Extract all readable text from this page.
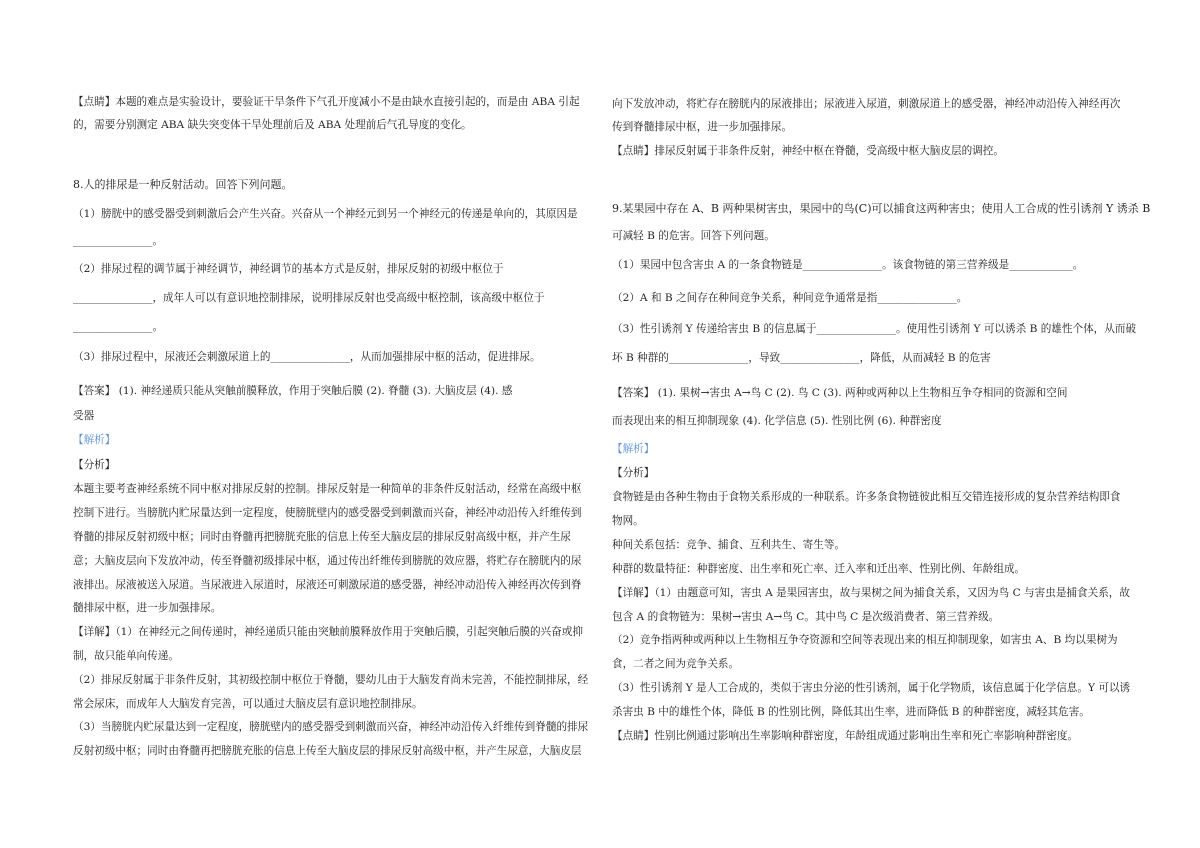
【点睛】本题的难点是实验设计，要验证干旱条件下气孔开度减小不是由缺水直接引起的，而是由 ABA 引起
的，需要分别测定 ABA 缺失突变体干旱处理前后及 ABA 处理前后气孔导度的变化。
8.人的排尿是一种反射活动。回答下列问题。
（1）膀胱中的感受器受到刺激后会产生兴奋。兴奋从一个神经元到另一个神经元的传递是单向的，其原因是
_______________。
（2）排尿过程的调节属于神经调节，神经调节的基本方式是反射，排尿反射的初级中枢位于
_______________，成年人可以有意识地控制排尿，说明排尿反射也受高级中枢控制，该高级中枢位于
_______________。
（3）排尿过程中，尿液还会刺激尿道上的_______________，从而加强排尿中枢的活动，促进排尿。
【答案】 (1). 神经递质只能从突触前膜释放，作用于突触后膜 (2). 脊髓 (3). 大脑皮层 (4). 感
受器
【解析】
【分析】
本题主要考查神经系统不同中枢对排尿反射的控制。排尿反射是一种简单的非条件反射活动，经常在高级中枢
控制下进行。当膀胱内贮尿量达到一定程度，使膀胱壁内的感受器受到刺激而兴奋，神经冲动沿传入纤维传到
脊髓的排尿反射初级中枢；同时由脊髓再把膀胱充胀的信息上传至大脑皮层的排尿反射高级中枢，并产生尿
意；大脑皮层向下发放冲动，传至脊髓初级排尿中枢，通过传出纤维传到膀胱的效应器，将贮存在膀胱内的尿
液排出。尿液被送入尿道。当尿液进入尿道时，尿液还可刺激尿道的感受器，神经冲动沿传入神经再次传到脊
髓排尿中枢，进一步加强排尿。
【详解】（1）在神经元之间传递时，神经递质只能由突触前膜释放作用于突触后膜，引起突触后膜的兴奋或抑
制，故只能单向传递。
（2）排尿反射属于非条件反射，其初级控制中枢位于脊髓，婴幼儿由于大脑发育尚未完善，不能控制排尿，经
常会尿床，而成年人大脑发育完善，可以通过大脑皮层有意识地控制排尿。
（3）当膀胱内贮尿量达到一定程度，膀胱壁内的感受器受到刺激而兴奋，神经冲动沿传入纤维传到脊髓的排尿
反射初级中枢；同时由脊髓再把膀胱充胀的信息上传至大脑皮层的排尿反射高级中枢，并产生尿意，大脑皮层
向下发放冲动，将贮存在膀胱内的尿液排出；尿液进入尿道，刺激尿道上的感受器，神经冲动沿传入神经再次
传到脊髓排尿中枢，进一步加强排尿。
【点睛】排尿反射属于非条件反射，神经中枢在脊髓，受高级中枢大脑皮层的调控。
9.某果园中存在 A、B 两种果树害虫，果园中的鸟(C)可以捕食这两种害虫；使用人工合成的性引诱剂 Y 诱杀 B
可减轻 B 的危害。回答下列问题。
（1）果园中包含害虫 A 的一条食物链是_______________。该食物链的第三营养级是____________。
（2）A 和 B 之间存在种间竞争关系，种间竞争通常是指_______________。
（3）性引诱剂 Y 传递给害虫 B 的信息属于_______________。使用性引诱剂 Y 可以诱杀 B 的雄性个体，从而破
坏 B 种群的_______________，导致_______________，降低，从而减轻 B 的危害
【答案】 (1). 果树→害虫 A→鸟 C (2). 鸟 C (3). 两种或两种以上生物相互争夺相同的资源和空间
而表现出来的相互抑制现象 (4). 化学信息 (5). 性别比例 (6). 种群密度
【解析】
【分析】
食物链是由各种生物由于食物关系形成的一种联系。许多条食物链彼此相互交错连接形成的复杂营养结构即食
物网。
种间关系包括：竞争、捕食、互利共生、寄生等。
种群的数量特征：种群密度、出生率和死亡率、迁入率和迁出率、性别比例、年龄组成。
【详解】（1）由题意可知，害虫 A 是果园害虫，故与果树之间为捕食关系，又因为鸟 C 与害虫是捕食关系，故
包含 A 的食物链为：果树→害虫 A→鸟 C。其中鸟 C 是次级消费者、第三营养级。
（2）竞争指两种或两种以上生物相互争夺资源和空间等表现出来的相互抑制现象，如害虫 A、B 均以果树为
食，二者之间为竞争关系。
（3）性引诱剂 Y 是人工合成的，类似于害虫分泌的性引诱剂，属于化学物质，该信息属于化学信息。Y 可以诱
杀害虫 B 中的雄性个体，降低 B 的性别比例，降低其出生率，进而降低 B 的种群密度，减轻其危害。
【点睛】性别比例通过影响出生率影响种群密度，年龄组成通过影响出生率和死亡率影响种群密度。
